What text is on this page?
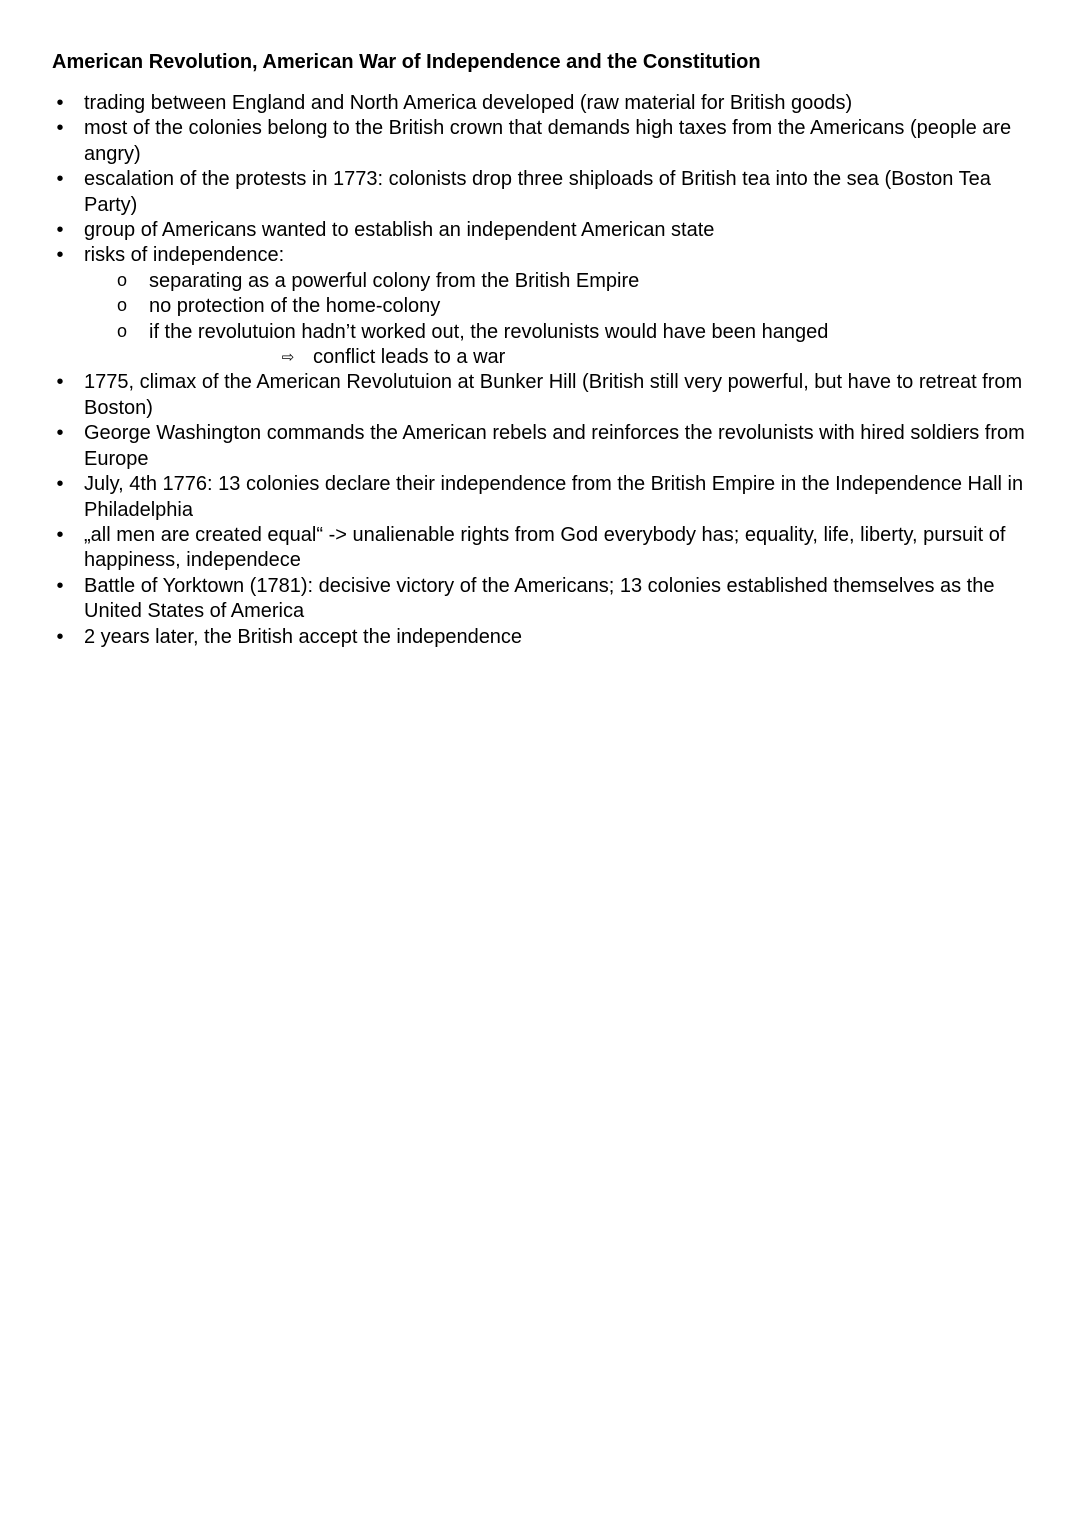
American Revolution, American War of Independence and the Constitution
• trading between England and North America developed (raw material for British goods)
• most of the colonies belong to the British crown that demands high taxes from the Americans (people are angry)
• escalation of the protests in 1773: colonists drop three shiploads of British tea into the sea (Boston Tea Party)
• group of Americans wanted to establish an independent American state
• risks of independence:
o separating as a powerful colony from the British Empire
o no protection of the home-colony
o if the revolutuion hadn’t worked out, the revolunists would have been hanged
⇨ conflict leads to a war
• 1775, climax of the American Revolutuion at Bunker Hill (British still very powerful, but have to retreat from Boston)
• George Washington commands the American rebels and reinforces the revolunists with hired soldiers from Europe
• July, 4th 1776: 13 colonies declare their independence from the British Empire in the Independence Hall in Philadelphia
• „all men are created equal“ -> unalienable rights from God everybody has; equality, life, liberty, pursuit of happiness, independece
• Battle of Yorktown (1781): decisive victory of the Americans; 13 colonies established themselves as the United States of America
• 2 years later, the British accept the independence
